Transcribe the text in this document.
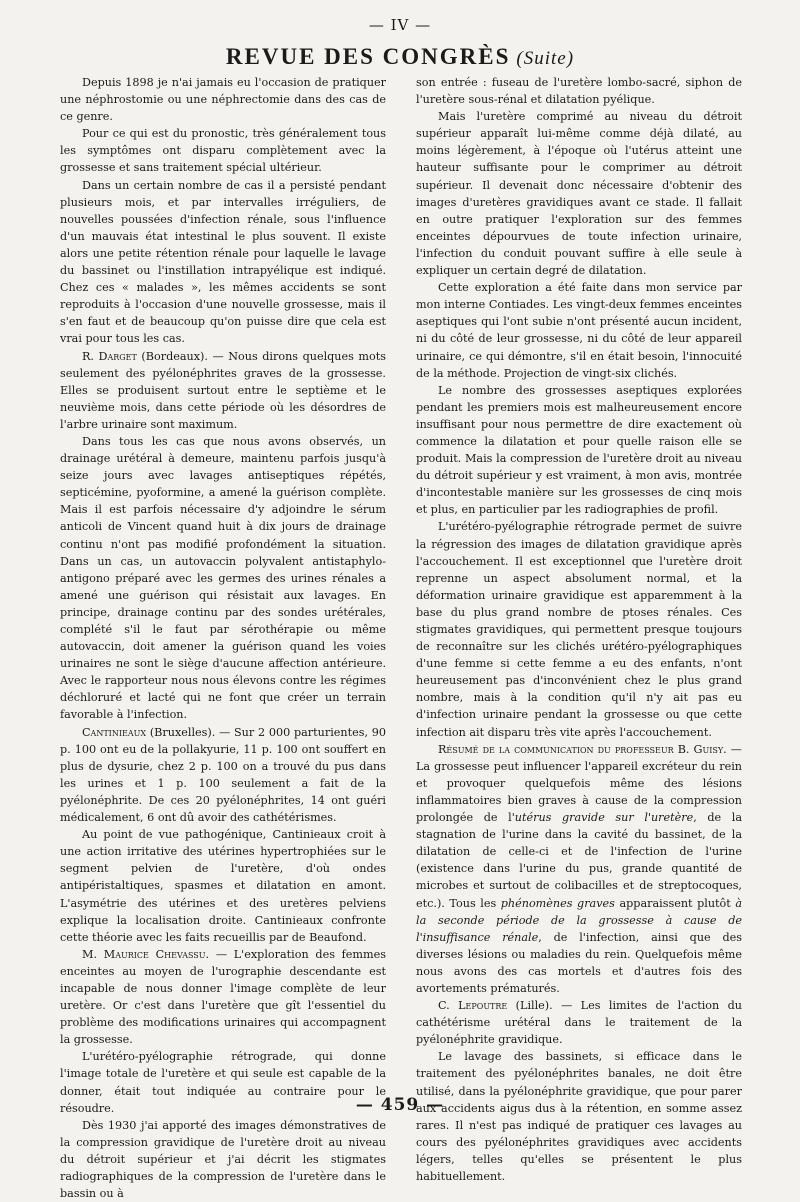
— IV —
REVUE DES CONGRÈS (Suite)

Depuis 1898 je n'ai jamais eu l'occasion de pratiquer une néphrostomie ou une néphrectomie dans des cas de ce genre.

Pour ce qui est du pronostic, très généralement tous les symptômes ont disparu complètement avec la grossesse et sans traitement spécial ultérieur.

Dans un certain nombre de cas il a persisté pendant plusieurs mois, et par intervalles irréguliers, de nouvelles poussées d'infection rénale, sous l'influence d'un mauvais état intestinal le plus souvent. Il existe alors une petite rétention rénale pour laquelle le lavage du bassinet ou l'instillation intrapyélique est indiqué. Chez ces « malades », les mêmes accidents se sont reproduits à l'occasion d'une nouvelle grossesse, mais il s'en faut et de beaucoup qu'on puisse dire que cela est vrai pour tous les cas.

R. Darget (Bordeaux). — Nous dirons quelques mots seulement des pyélonéphrites graves de la grossesse. Elles se produisent surtout entre le septième et le neuvième mois, dans cette période où les désordres de l'arbre urinaire sont maximum.

Dans tous les cas que nous avons observés, un drainage urétéral à demeure, maintenu parfois jusqu'à seize jours avec lavages antiseptiques répétés, septicémine, pyoformine, a amené la guérison complète. Mais il est parfois nécessaire d'y adjoindre le sérum anticoli de Vincent quand huit à dix jours de drainage continu n'ont pas modifié profondément la situation. Dans un cas, un autovaccin polyvalent antistaphylo-antigono préparé avec les germes des urines rénales a amené une guérison qui résistait aux lavages. En principe, drainage continu par des sondes urétérales, complété s'il le faut par sérothérapie ou même autovaccin, doit amener la guérison quand les voies urinaires ne sont le siège d'aucune affection antérieure. Avec le rapporteur nous nous élevons contre les régimes déchloruré et lacté qui ne font que créer un terrain favorable à l'infection.

Cantinieaux (Bruxelles). — Sur 2 000 parturientes, 90 p. 100 ont eu de la pollakyurie, 11 p. 100 ont souffert en plus de dysurie, chez 2 p. 100 on a trouvé du pus dans les urines et 1 p. 100 seulement a fait de la pyélonéphrite. De ces 20 pyélonéphrites, 14 ont guéri médicalement, 6 ont dû avoir des cathétérismes.

Au point de vue pathogénique, Cantinieaux croit à une action irritative des utérines hypertrophiées sur le segment pelvien de l'uretère, d'où ondes antipéristaltiques, spasmes et dilatation en amont. L'asymétrie des utérines et des uretères pelviens explique la localisation droite. Cantinieaux confronte cette théorie avec les faits recueillis par de Beaufond.

M. Maurice Chevassu. — L'exploration des femmes enceintes au moyen de l'urographie descendante est incapable de nous donner l'image complète de leur uretère. Or c'est dans l'uretère que gît l'essentiel du problème des modifications urinaires qui accompagnent la grossesse.

L'urétéro-pyélographie rétrograde, qui donne l'image totale de l'uretère et qui seule est capable de la donner, était tout indiquée au contraire pour le résoudre.

Dès 1930 j'ai apporté des images démonstratives de la compression gravidique de l'uretère droit au niveau du détroit supérieur et j'ai décrit les stigmates radiographiques de la compression de l'uretère dans le bassin ou à

son entrée : fuseau de l'uretère lombo-sacré, siphon de l'uretère sous-rénal et dilatation pyélique.

Mais l'uretère comprimé au niveau du détroit supérieur apparaît lui-même comme déjà dilaté, au moins légèrement, à l'époque où l'utérus atteint une hauteur suffisante pour le comprimer au détroit supérieur. Il devenait donc nécessaire d'obtenir des images d'uretères gravidiques avant ce stade. Il fallait en outre pratiquer l'exploration sur des femmes enceintes dépourvues de toute infection urinaire, l'infection du conduit pouvant suffire à elle seule à expliquer un certain degré de dilatation.

Cette exploration a été faite dans mon service par mon interne Contiades. Les vingt-deux femmes enceintes aseptiques qui l'ont subie n'ont présenté aucun incident, ni du côté de leur grossesse, ni du côté de leur appareil urinaire, ce qui démontre, s'il en était besoin, l'innocuité de la méthode. Projection de vingt-six clichés.

Le nombre des grossesses aseptiques explorées pendant les premiers mois est malheureusement encore insuffisant pour nous permettre de dire exactement où commence la dilatation et pour quelle raison elle se produit. Mais la compression de l'uretère droit au niveau du détroit supérieur y est vraiment, à mon avis, montrée d'incontestable manière sur les grossesses de cinq mois et plus, en particulier par les radiographies de profil.

L'urétéro-pyélographie rétrograde permet de suivre la régression des images de dilatation gravidique après l'accouchement. Il est exceptionnel que l'uretère droit reprenne un aspect absolument normal, et la déformation urinaire gravidique est apparemment à la base du plus grand nombre de ptoses rénales. Ces stigmates gravidiques, qui permettent presque toujours de reconnaître sur les clichés urétéro-pyélographiques d'une femme si cette femme a eu des enfants, n'ont heureusement pas d'inconvénient chez le plus grand nombre, mais à la condition qu'il n'y ait pas eu d'infection urinaire pendant la grossesse ou que cette infection ait disparu très vite après l'accouchement.

Résumé de la communication du professeur B. Guisy. — La grossesse peut influencer l'appareil excréteur du rein et provoquer quelquefois même des lésions inflammatoires bien graves à cause de la compression prolongée de l'utérus gravide sur l'uretère, de la stagnation de l'urine dans la cavité du bassinet, de la dilatation de celle-ci et de l'infection de l'urine (existence dans l'urine du pus, grande quantité de microbes et surtout de colibacilles et de streptocoques, etc.). Tous les phénomènes graves apparaissent plutôt à la seconde période de la grossesse à cause de l'insuffisance rénale, de l'infection, ainsi que des diverses lésions ou maladies du rein. Quelquefois même nous avons des cas mortels et d'autres fois des avortements prématurés.

C. Lepoutre (Lille). — Les limites de l'action du cathétérisme urétéral dans le traitement de la pyélonéphrite gravidique.

Le lavage des bassinets, si efficace dans le traitement des pyélonéphrites banales, ne doit être utilisé, dans la pyélonéphrite gravidique, que pour parer aux accidents aigus dus à la rétention, en somme assez rares. Il n'est pas indiqué de pratiquer ces lavages au cours des pyélonéphrites gravidiques avec accidents légers, telles qu'elles se présentent le plus habituellement.

— 459 —
